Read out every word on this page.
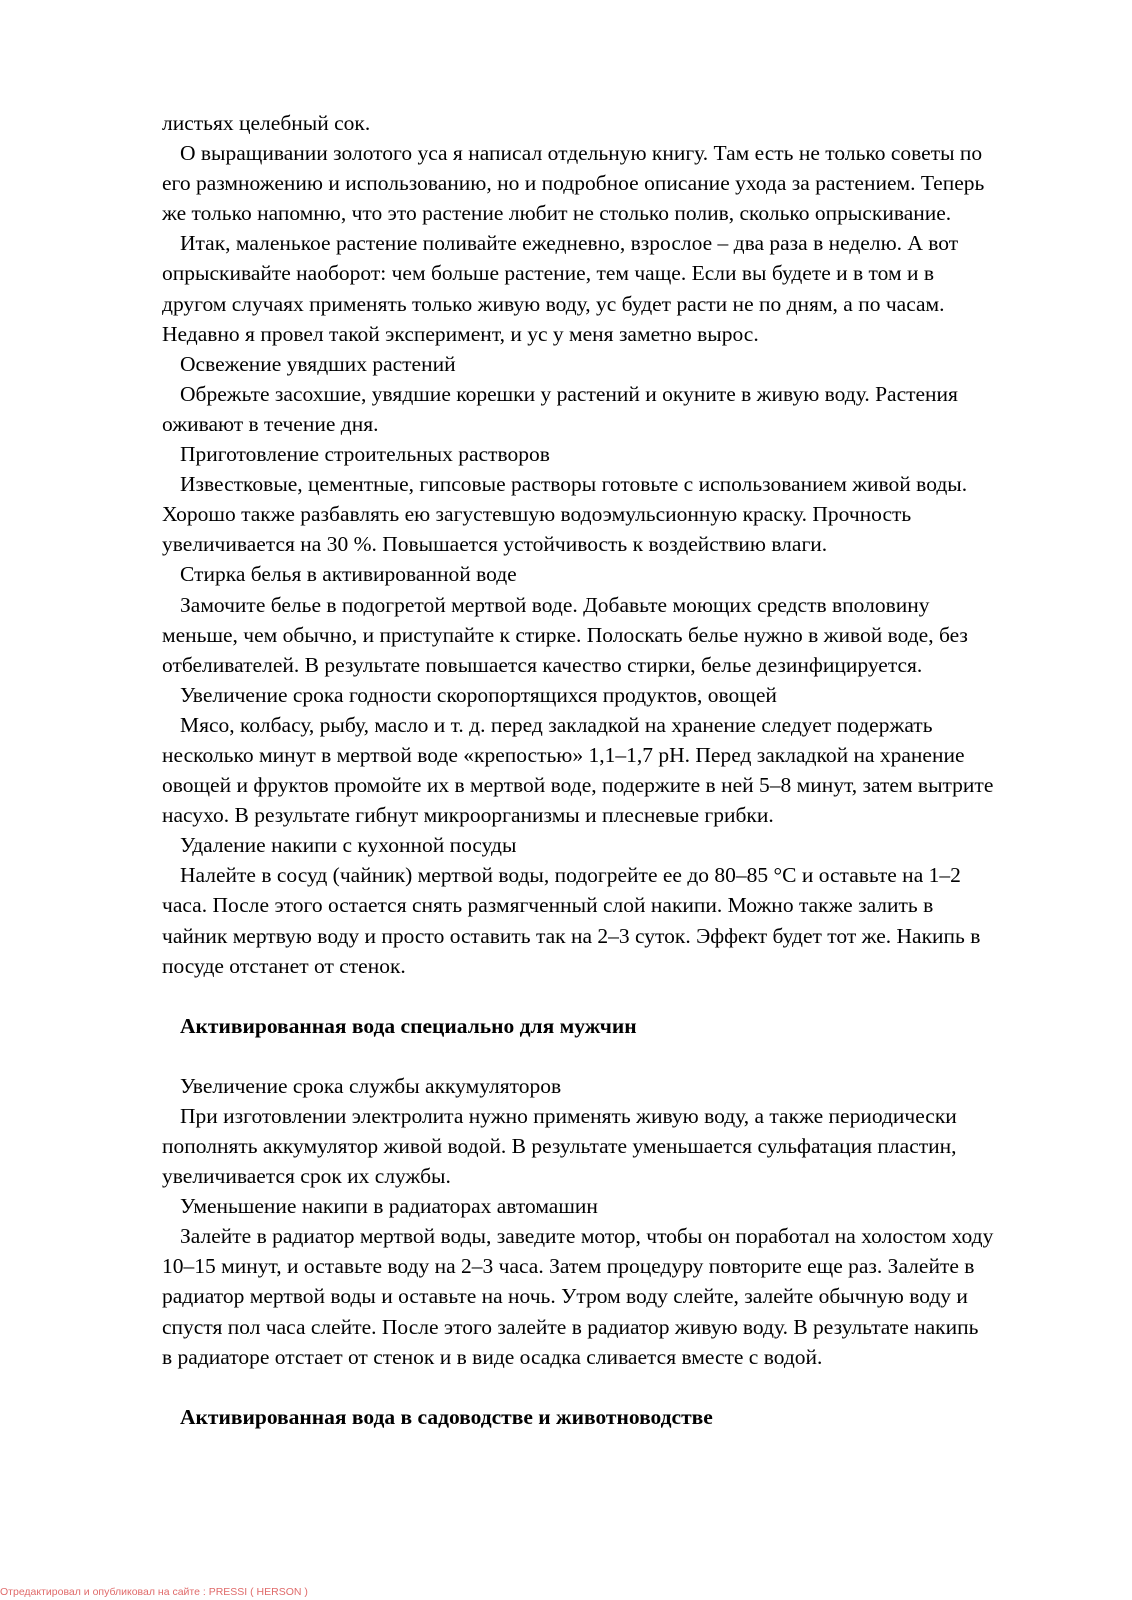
листьях целебный сок.
О выращивании золотого уса я написал отдельную книгу. Там есть не только советы по
его размножению и использованию, но и подробное описание ухода за растением. Теперь
же только напомню, что это растение любит не столько полив, сколько опрыскивание.
Итак, маленькое растение поливайте ежедневно, взрослое – два раза в неделю. А вот
опрыскивайте наоборот: чем больше растение, тем чаще. Если вы будете и в том и в
другом случаях применять только живую воду, ус будет расти не по дням, а по часам.
Недавно я провел такой эксперимент, и ус у меня заметно вырос.
Освежение увядших растений
Обрежьте засохшие, увядшие корешки у растений и окуните в живую воду. Растения
оживают в течение дня.
Приготовление строительных растворов
Известковые, цементные, гипсовые растворы готовьте с использованием живой воды.
Хорошо также разбавлять ею загустевшую водоэмульсионную краску. Прочность
увеличивается на 30 %. Повышается устойчивость к воздействию влаги.
Стирка белья в активированной воде
Замочите белье в подогретой мертвой воде. Добавьте моющих средств вполовину
меньше, чем обычно, и приступайте к стирке. Полоскать белье нужно в живой воде, без
отбеливателей. В результате повышается качество стирки, белье дезинфицируется.
Увеличение срока годности скоропортящихся продуктов, овощей
Мясо, колбасу, рыбу, масло и т. д. перед закладкой на хранение следует подержать
несколько минут в мертвой воде «крепостью» 1,1–1,7 pH. Перед закладкой на хранение
овощей и фруктов промойте их в мертвой воде, подержите в ней 5–8 минут, затем вытрите
насухо. В результате гибнут микроорганизмы и плесневые грибки.
Удаление накипи с кухонной посуды
Налейте в сосуд (чайник) мертвой воды, подогрейте ее до 80–85 °С и оставьте на 1–2
часа. После этого остается снять размягченный слой накипи. Можно также залить в
чайник мертвую воду и просто оставить так на 2–3 суток. Эффект будет тот же. Накипь в
посуде отстанет от стенок.
Активированная вода специально для мужчин
Увеличение срока службы аккумуляторов
При изготовлении электролита нужно применять живую воду, а также периодически
пополнять аккумулятор живой водой. В результате уменьшается сульфатация пластин,
увеличивается срок их службы.
Уменьшение накипи в радиаторах автомашин
Залейте в радиатор мертвой воды, заведите мотор, чтобы он поработал на холостом ходу
10–15 минут, и оставьте воду на 2–3 часа. Затем процедуру повторите еще раз. Залейте в
радиатор мертвой воды и оставьте на ночь. Утром воду слейте, залейте обычную воду и
спустя пол часа слейте. После этого залейте в радиатор живую воду. В результате накипь
в радиаторе отстает от стенок и в виде осадка сливается вместе с водой.
Активированная вода в садоводстве и животноводстве
Отредактировал и опубликовал на сайте : PRESSI ( HERSON )
